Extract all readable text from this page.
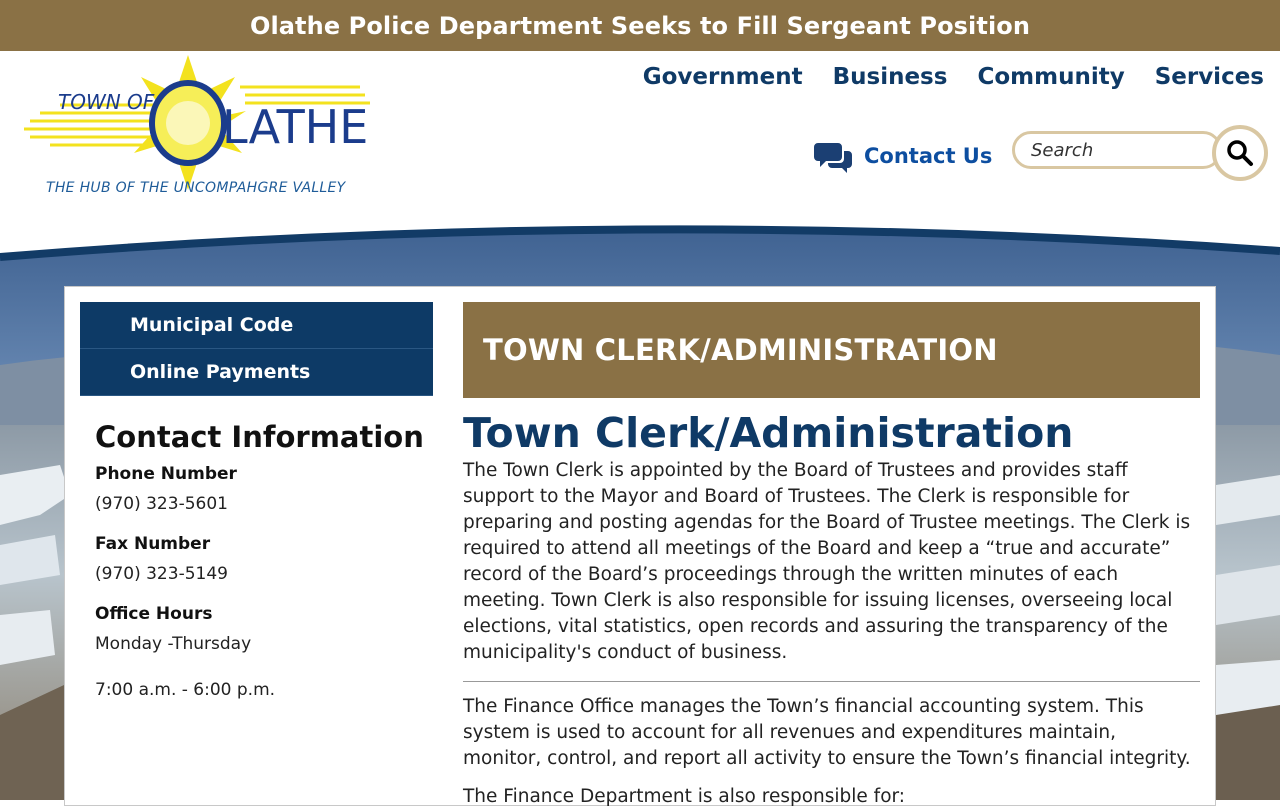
Olathe Police Department Seeks to Fill Sergeant Position
TOWN OF LATHE
THE HUB OF THE UNCOMPAHGRE VALLEY
Government Business Community Services
Contact Us
Search
Municipal Code
Online Payments
Contact Information
Phone Number
(970) 323-5601
Fax Number
(970) 323-5149
Office Hours
Monday -Thursday
7:00 a.m. - 6:00 p.m.
TOWN CLERK/ADMINISTRATION
Town Clerk/Administration

The Town Clerk is appointed by the Board of Trustees and provides staff support to the Mayor and Board of Trustees. The Clerk is responsible for preparing and posting agendas for the Board of Trustee meetings. The Clerk is required to attend all meetings of the Board and keep a “true and accurate” record of the Board’s proceedings through the written minutes of each meeting. Town Clerk is also responsible for issuing licenses, overseeing local elections, vital statistics, open records and assuring the transparency of the municipality's conduct of business.

The Finance Office manages the Town’s financial accounting system. This system is used to account for all revenues and expenditures maintain, monitor, control, and report all activity to ensure the Town’s financial integrity.

The Finance Department is also responsible for:
